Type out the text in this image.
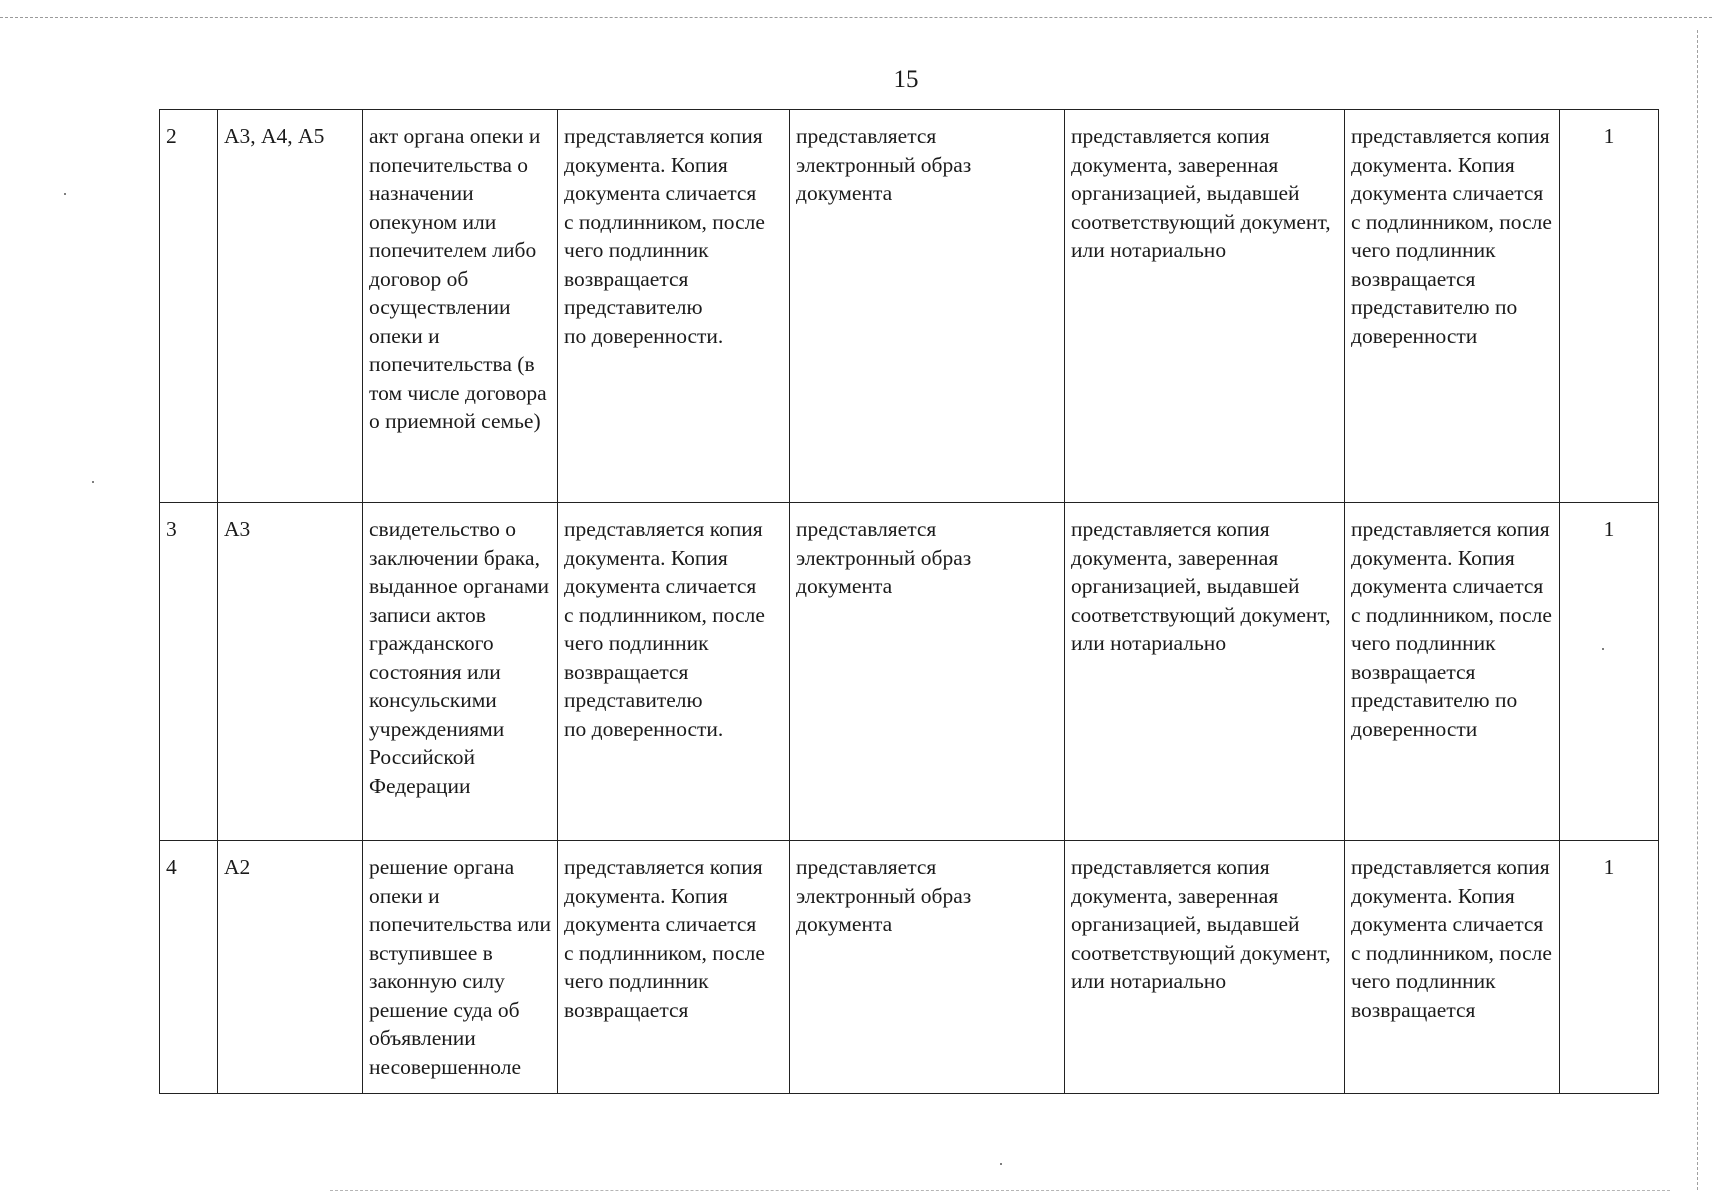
15
2	А3, А4, А5	акт органа опеки и попечительства о назначении опекуном или попечителем либо договор об осуществлении опеки и попечительства (в том числе договора о приемной семье)	представляется копия документа. Копия документа сличается
с подлинником, после чего подлинник возвращается представителю
по доверенности.	представляется электронный образ документа	представляется копия документа, заверенная организацией, выдавшей соответствующий документ,
или нотариально	представляется копия документа. Копия документа сличается
с подлинником, после чего подлинник возвращается представителю по доверенности	1
3	А3	свидетельство о заключении брака, выданное органами записи актов гражданского состояния или консульскими учреждениями Российской Федерации	представляется копия документа. Копия документа сличается
с подлинником, после чего подлинник возвращается представителю
по доверенности.	представляется электронный образ документа	представляется копия документа, заверенная организацией, выдавшей соответствующий документ,
или нотариально	представляется копия документа. Копия документа сличается
с подлинником, после чего подлинник возвращается представителю по доверенности	1
4	А2	решение органа опеки и попечительства или вступившее в законную силу решение суда об объявлении несовершенноле	представляется копия документа. Копия документа сличается
с подлинником, после чего подлинник возвращается	представляется электронный образ документа	представляется копия документа, заверенная организацией, выдавшей соответствующий документ,
или нотариально	представляется копия документа. Копия документа сличается
с подлинником, после чего подлинник возвращается	1
